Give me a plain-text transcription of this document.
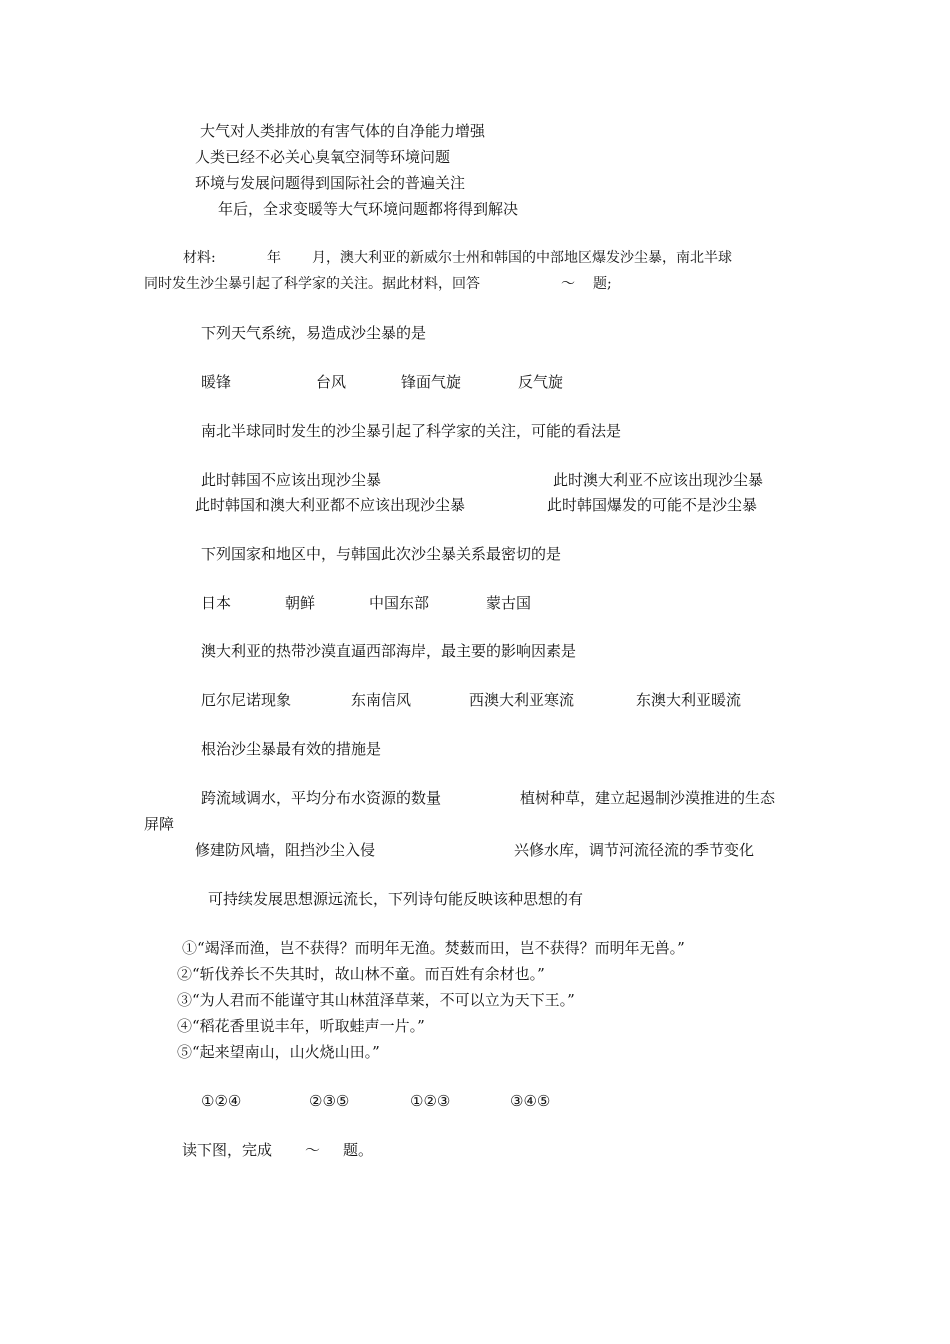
大气对人类排放的有害气体的自净能力增强
人类已经不必关心臭氧空洞等环境问题
环境与发展问题得到国际社会的普遍关注
年后，全求变暖等大气环境问题都将得到解决
材料:	年 月，澳大利亚的新威尔士州和韩国的中部地区爆发沙尘暴，南北半球
同时发生沙尘暴引起了科学家的关注。据此材料，回答	～ 题;
下列天气系统，易造成沙尘暴的是
暖锋	台风	锋面气旋	反气旋
南北半球同时发生的沙尘暴引起了科学家的关注，可能的看法是
此时韩国不应该出现沙尘暴	此时澳大利亚不应该出现沙尘暴
此时韩国和澳大利亚都不应该出现沙尘暴	此时韩国爆发的可能不是沙尘暴
下列国家和地区中，与韩国此次沙尘暴关系最密切的是
日本	朝鲜	中国东部	蒙古国
澳大利亚的热带沙漠直逼西部海岸，最主要的影响因素是
厄尔尼诺现象	东南信风	西澳大利亚寒流	东澳大利亚暖流
根治沙尘暴最有效的措施是
跨流域调水，平均分布水资源的数量	植树种草，建立起遏制沙漠推进的生态
屏障
修建防风墙，阻挡沙尘入侵	兴修水库，调节河流径流的季节变化
可持续发展思想源远流长，下列诗句能反映该种思想的有
①“竭泽而渔，岂不获得？而明年无渔。焚薮而田，岂不获得？而明年无兽。”
②“斩伐养长不失其时，故山林不童。而百姓有余材也。”
③“为人君而不能谨守其山林菹泽草莱，不可以立为天下王。”
④“稻花香里说丰年，听取蛙声一片。”
⑤“起来望南山，山火烧山田。”
①②④	②③⑤	①②③	③④⑤
读下图，完成 ～ 题。
